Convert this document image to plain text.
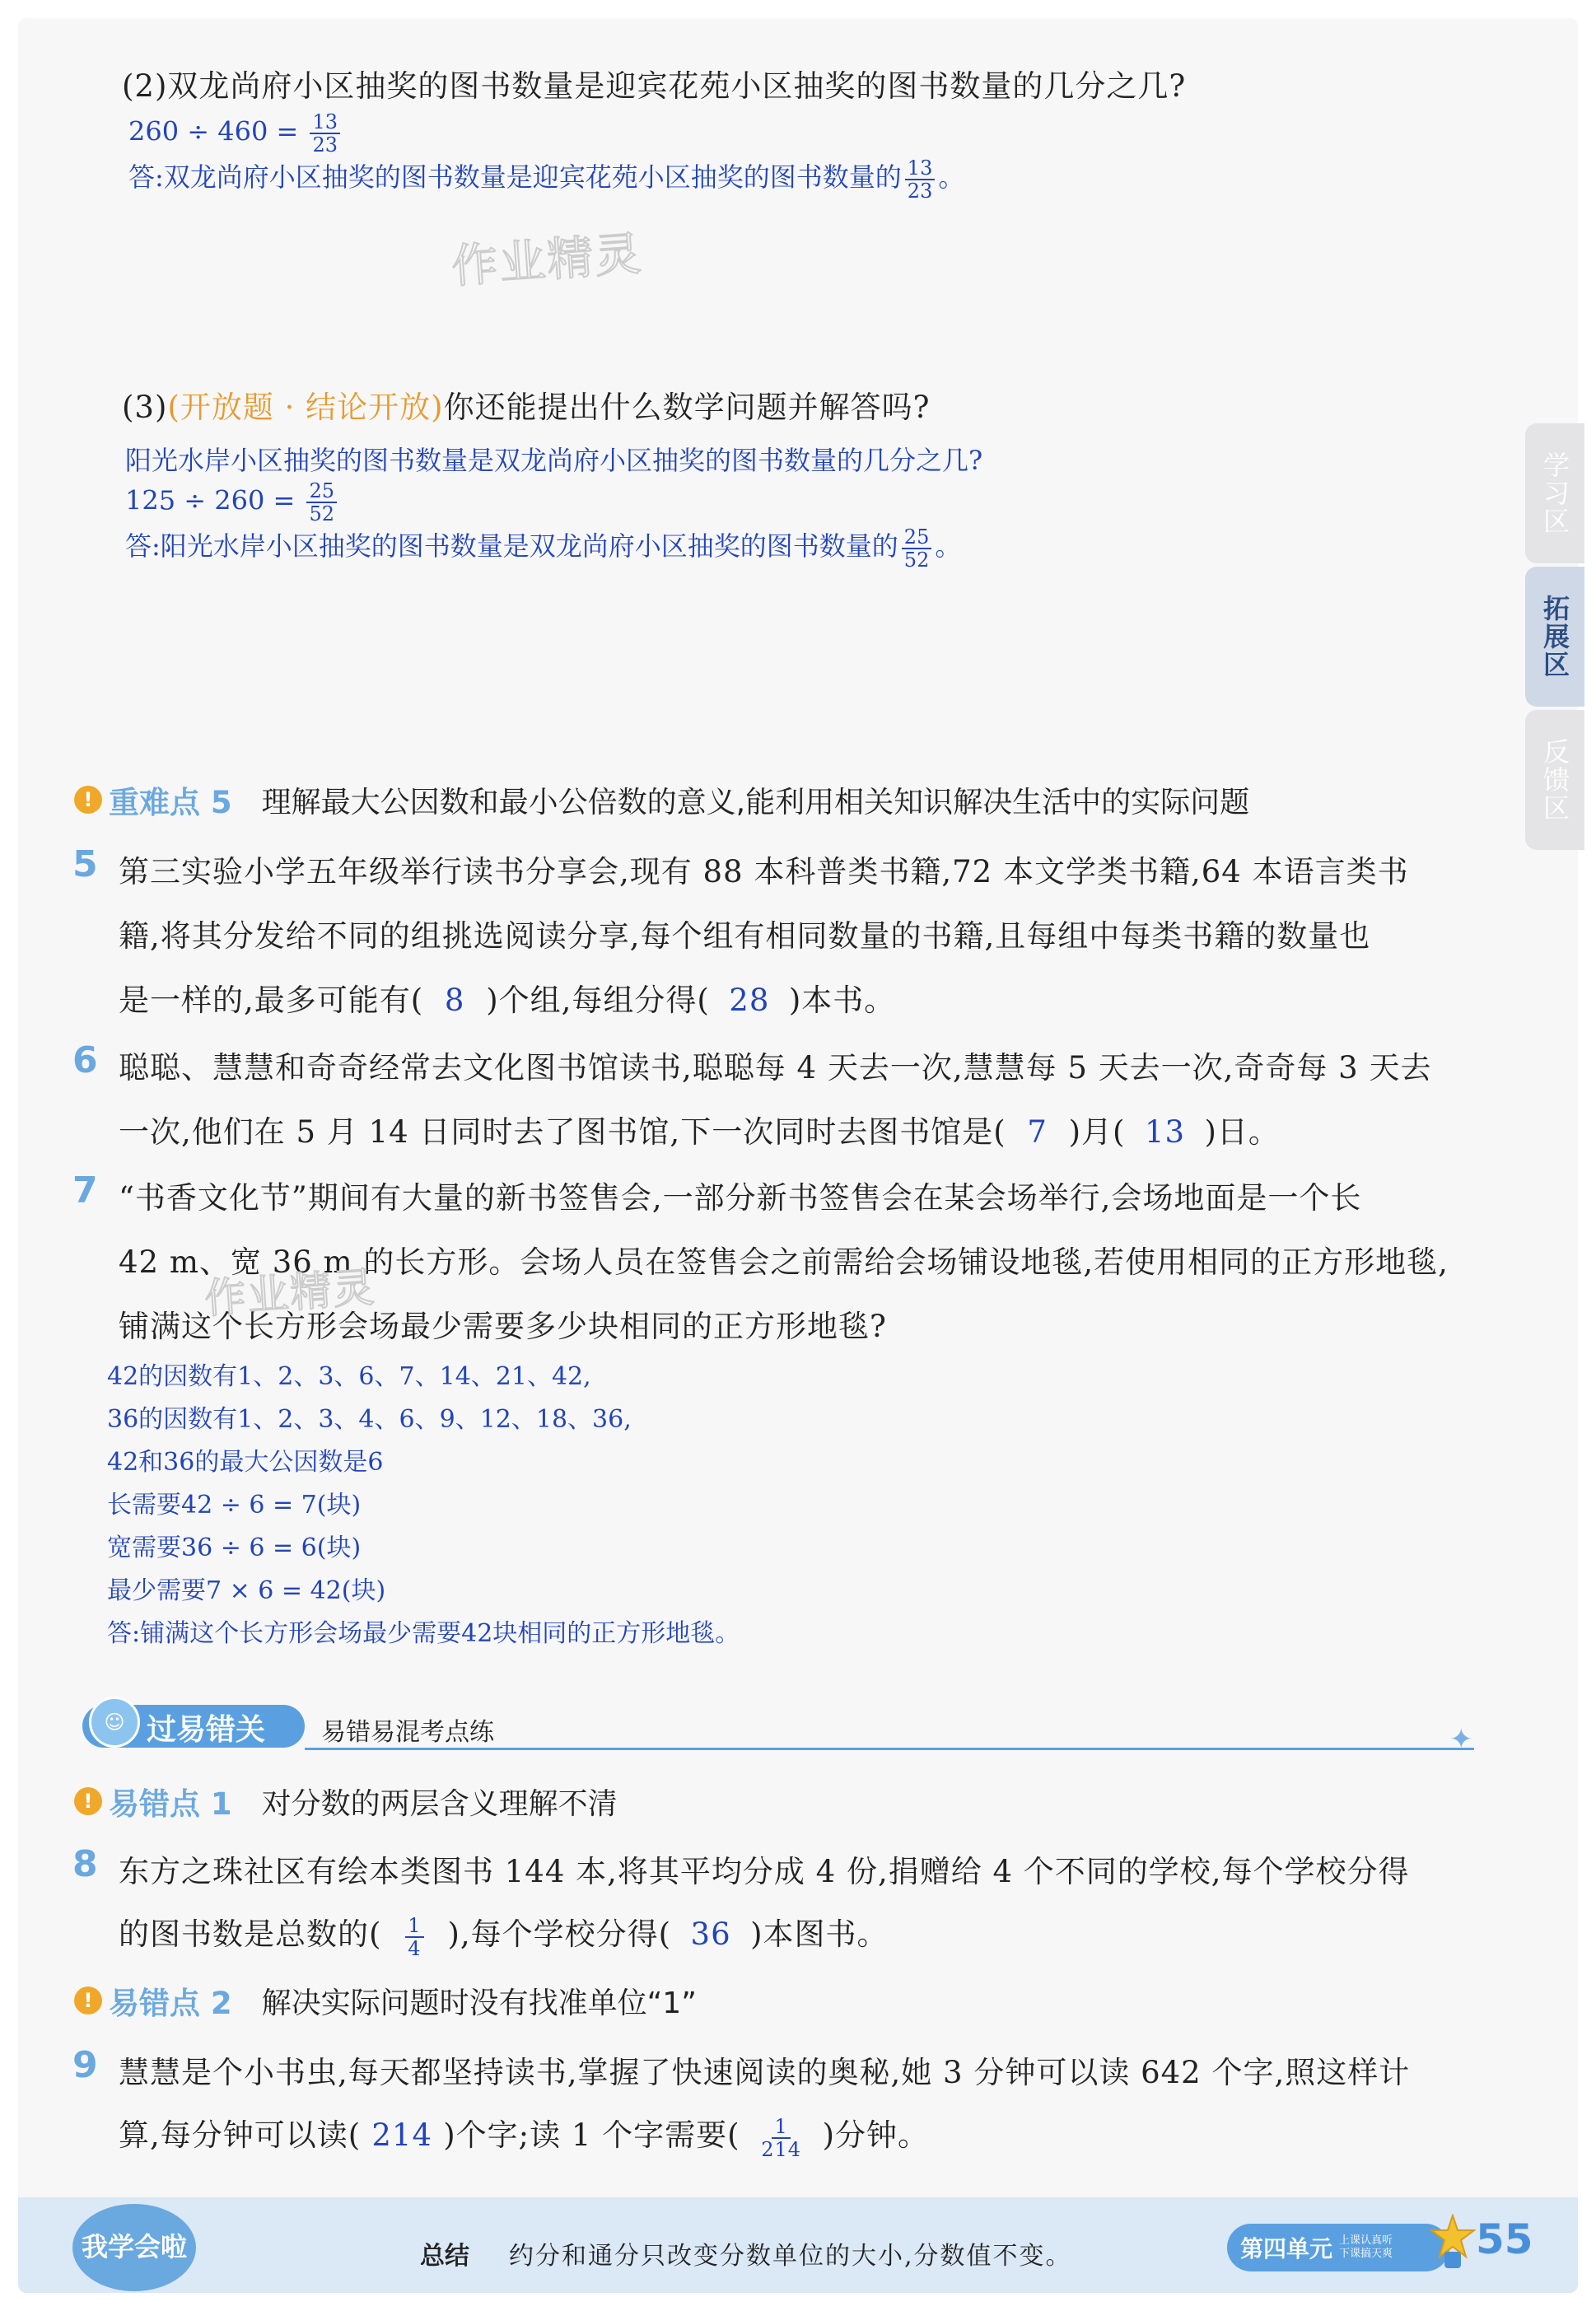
(2)双龙尚府小区抽奖的图书数量是迎宾花苑小区抽奖的图书数量的几分之几?
$260 \div 460 = \frac{13}{23}$
答:双龙尚府小区抽奖的图书数量是迎宾花苑小区抽奖的图书数量的 $\frac{13}{23}$ 。
作业精灵
(3)(开放题 · 结论开放)你还能提出什么数学问题并解答吗?
阳光水岸小区抽奖的图书数量是双龙尚府小区抽奖的图书数量的几分之几?
$125 \div 260 = \frac{25}{52}$
答:阳光水岸小区抽奖的图书数量是双龙尚府小区抽奖的图书数量的 $\frac{25}{52}$ 。
学习区
拓展区
反馈区
! 重难点 5 理解最大公因数和最小公倍数的意义,能利用相关知识解决生活中的实际问题
5 第三实验小学五年级举行读书分享会,现有 88 本科普类书籍,72 本文学类书籍,64 本语言类书
籍,将其分发给不同的组挑选阅读分享,每个组有相同数量的书籍,且每组中每类书籍的数量也
是一样的,最多可能有( 8 )个组,每组分得( 28 )本书。
6 聪聪、慧慧和奇奇经常去文化图书馆读书,聪聪每 4 天去一次,慧慧每 5 天去一次,奇奇每 3 天去
一次,他们在 5 月 14 日同时去了图书馆,下一次同时去图书馆是( 7 )月( 13 )日。
7 “书香文化节”期间有大量的新书签售会,一部分新书签售会在某会场举行,会场地面是一个长
42 m、宽 36 m 的长方形。会场人员在签售会之前需给会场铺设地毯,若使用相同的正方形地毯,
铺满这个长方形会场最少需要多少块相同的正方形地毯?
作业精灵
42的因数有1、2、3、6、7、14、21、42,
36的因数有1、2、3、4、6、9、12、18、36,
42和36的最大公因数是6
长需要42 ÷ 6 = 7(块)
宽需要36 ÷ 6 = 6(块)
最少需要7 × 6 = 42(块)
答:铺满这个长方形会场最少需要42块相同的正方形地毯。
☺ 过易错关 易错易混考点练	✦
! 易错点 1 对分数的两层含义理解不清
8 东方之珠社区有绘本类图书 144 本,将其平均分成 4 份,捐赠给 4 个不同的学校,每个学校分得
的图书数是总数的( $\frac{1}{4}$ ),每个学校分得( 36 )本图书。
! 易错点 2 解决实际问题时没有找准单位“1”
9 慧慧是个小书虫,每天都坚持读书,掌握了快速阅读的奥秘,她 3 分钟可以读 642 个字,照这样计
算,每分钟可以读( 214 )个字;读 1 个字需要( $\frac{1}{214}$ )分钟。
我学会啦	总结 约分和通分只改变分数单位的大小,分数值不变。	第四单元 上课认真听
下课搞天爽 55
